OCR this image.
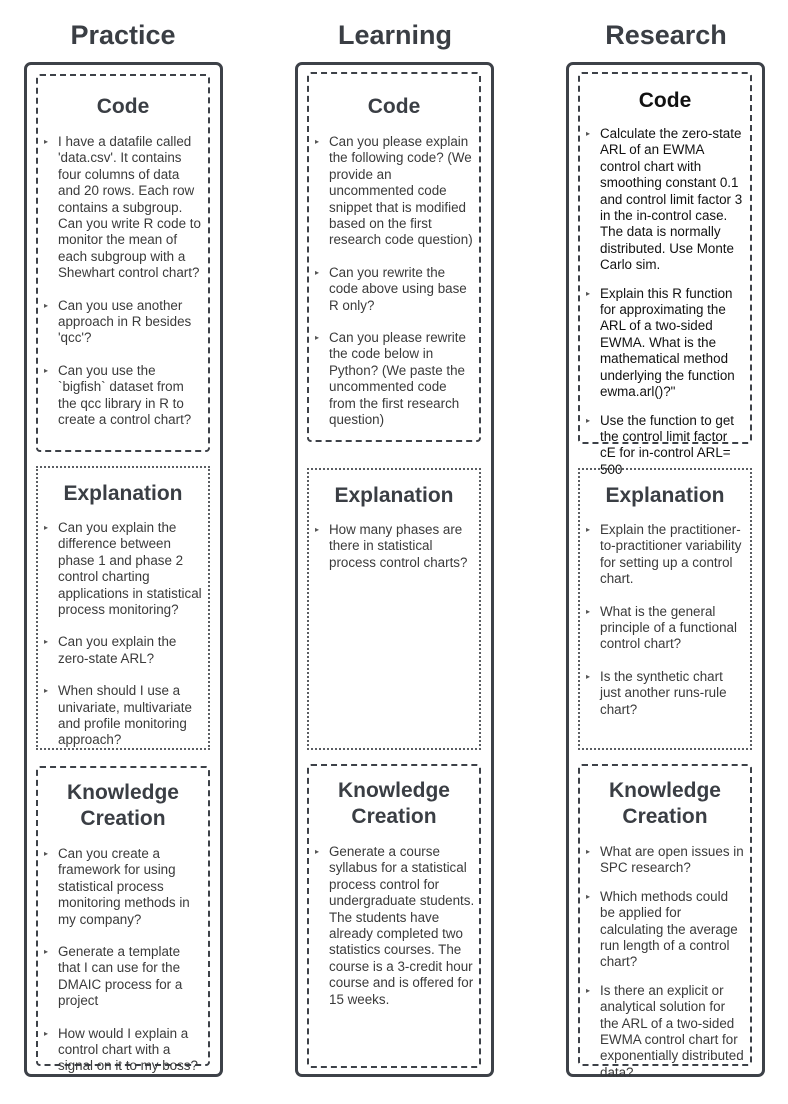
Practice	Learning	Research
Code
▸ I have a datafile called 'data.csv'. It contains four columns of data and 20 rows. Each row contains a subgroup. Can you write R code to monitor the mean of each subgroup with a Shewhart control chart?
▸ Can you use another approach in R besides 'qcc'?
▸ Can you use the `bigfish` dataset from the qcc library in R to create a control chart?
Explanation
▸ Can you explain the difference between phase 1 and phase 2 control charting applications in statistical process monitoring?
▸ Can you explain the zero-state ARL?
▸ When should I use a univariate, multivariate and profile monitoring approach?
Knowledge
Creation
▸ Can you create a framework for using statistical process monitoring methods in my company?
▸ Generate a template that I can use for the DMAIC process for a project
▸ How would I explain a control chart with a signal on it to my boss?
Code
▸ Can you please explain the following code? (We provide an uncommented code snippet that is modified based on the first research code question)
▸ Can you rewrite the code above using base R only?
▸ Can you please rewrite the code below in Python? (We paste the uncommented code from the first research question)
Explanation
▸ How many phases are there in statistical process control charts?
Knowledge
Creation
▸ Generate a course syllabus for a statistical process control for undergraduate students. The students have already completed two statistics courses. The course is a 3-credit hour course and is offered for 15 weeks.
Code
▸ Calculate the zero-state ARL of an EWMA control chart with smoothing constant 0.1 and control limit factor 3 in the in-control case. The data is normally distributed. Use Monte Carlo sim.
▸ Explain this R function for approximating the ARL of a two-sided EWMA. What is the mathematical method underlying the function ewma.arl()?"
▸ Use the function to get the control limit factor cE for in-control ARL= 500
Explanation
▸ Explain the practitioner-to-practitioner variability for setting up a control chart.
▸ What is the general principle of a functional control chart?
▸ Is the synthetic chart just another runs-rule chart?
Knowledge
Creation
▸ What are open issues in SPC research?
▸ Which methods could be applied for calculating the average run length of a control chart?
▸ Is there an explicit or analytical solution for the ARL of a two-sided EWMA control chart for exponentially distributed data?
